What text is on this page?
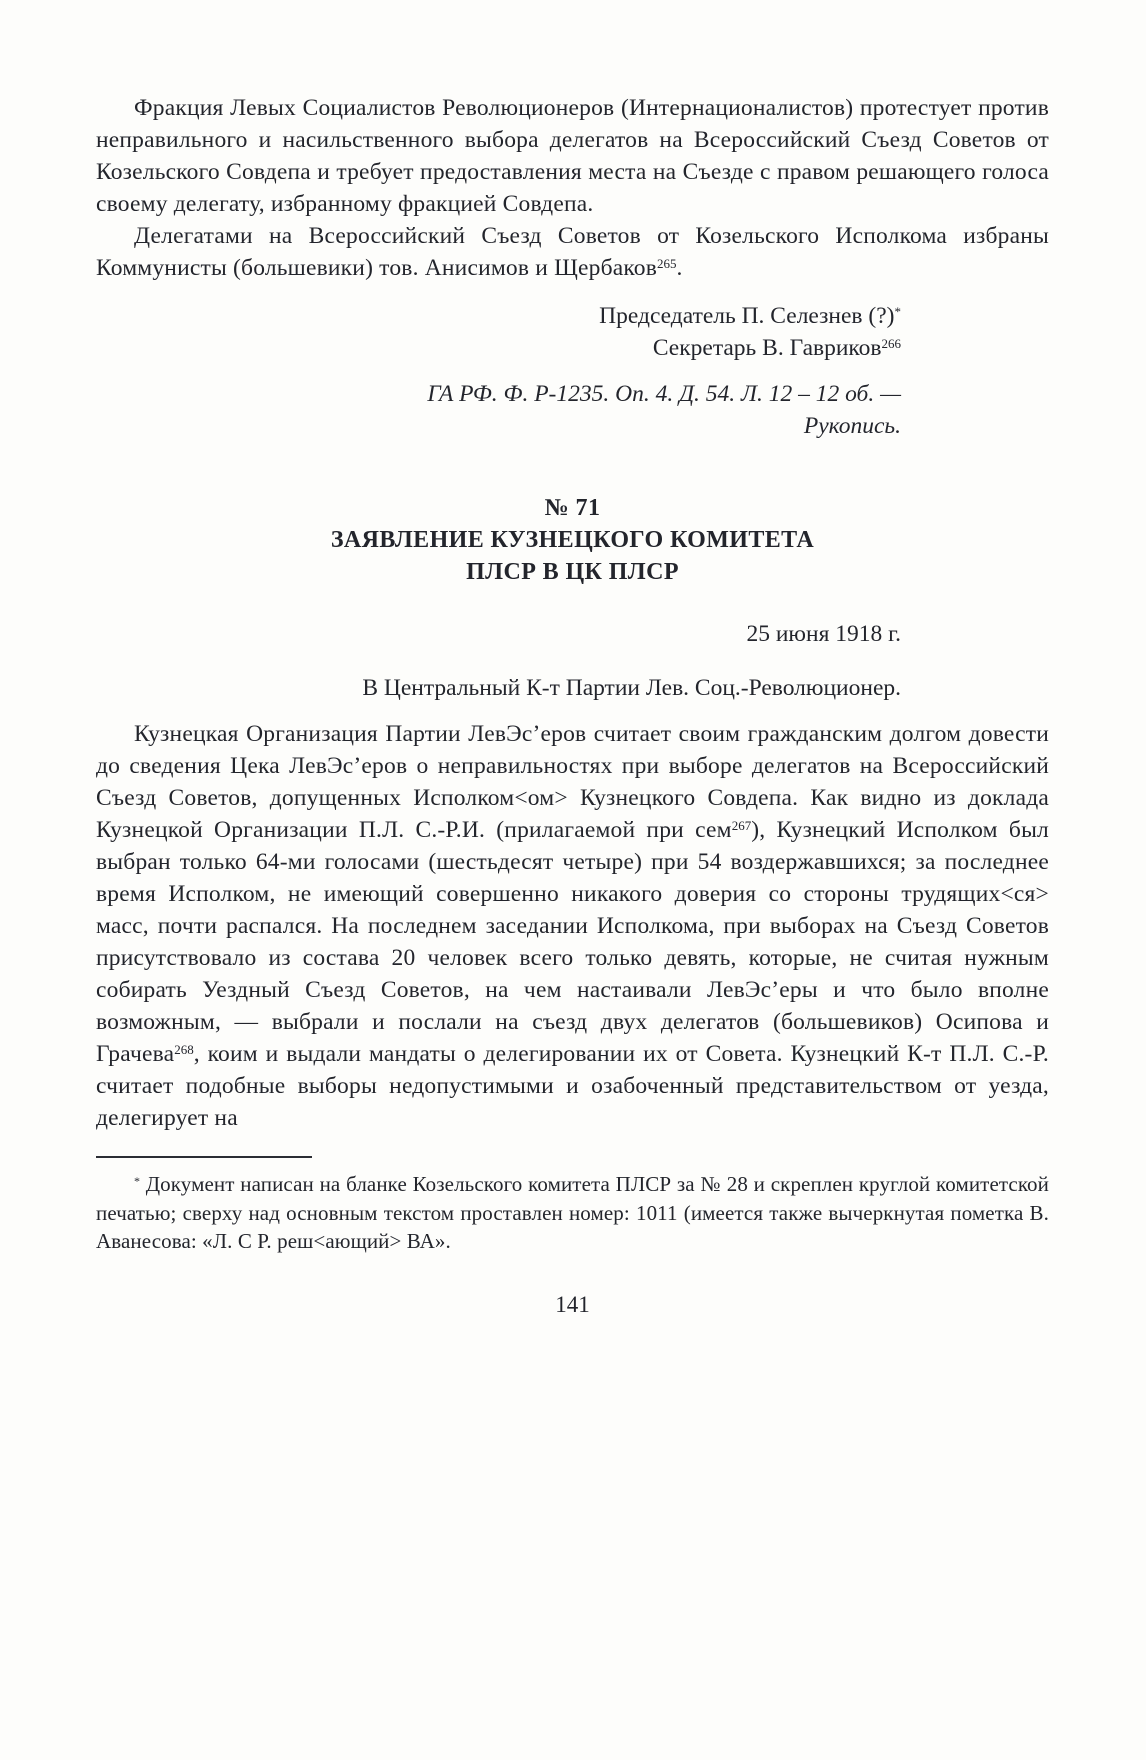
Фракция Левых Социалистов Революционеров (Интернационалистов) протестует против неправильного и насильственного выбора делегатов на Всероссийский Съезд Советов от Козельского Совдепа и требует предоставления места на Съезде с правом решающего голоса своему делегату, избранному фракцией Совдепа.

Делегатами на Всероссийский Съезд Советов от Козельского Исполкома избраны Коммунисты (большевики) тов. Анисимов и Щербаков$^{265}$.

Председатель П. Селезнев (?)*
Секретарь В. Гавриков$^{266}$
ГА РФ. Ф. Р-1235. Оп. 4. Д. 54. Л. 12 – 12 об. —
Рукопись.
№ 71
ЗАЯВЛЕНИЕ КУЗНЕЦКОГО КОМИТЕТА
ПЛСР В ЦК ПЛСР
25 июня 1918 г.
В Центральный К-т Партии Лев. Соц.-Революционер.

Кузнецкая Организация Партии ЛевЭс’еров считает своим гражданским долгом довести до сведения Цека ЛевЭс’еров о неправильностях при выборе делегатов на Всероссийский Съезд Советов, допущенных Исполком<ом> Кузнецкого Совдепа. Как видно из доклада Кузнецкой Организации П.Л. С.-Р.И. (прилагаемой при сем$^{267}$), Кузнецкий Исполком был выбран только 64-ми голосами (шестьдесят четыре) при 54 воздержавшихся; за последнее время Исполком, не имеющий совершенно никакого доверия со стороны трудящих<ся> масс, почти распался. На последнем заседании Исполкома, при выборах на Съезд Советов присутствовало из состава 20 человек всего только девять, которые, не считая нужным собирать Уездный Съезд Советов, на чем настаивали ЛевЭс’еры и что было вполне возможным, — выбрали и послали на съезд двух делегатов (большевиков) Осипова и Грачева$^{268}$, коим и выдали мандаты о делегировании их от Совета. Кузнецкий К-т П.Л. С.-Р. считает подобные выборы недопустимыми и озабоченный представительством от уезда, делегирует на

* Документ написан на бланке Козельского комитета ПЛСР за № 28 и скреплен круглой комитетской печатью; сверху над основным текстом проставлен номер: 1011 (имеется также вычеркнутая пометка В. Аванесова: «Л. С Р. реш<ающий> ВА».

141
